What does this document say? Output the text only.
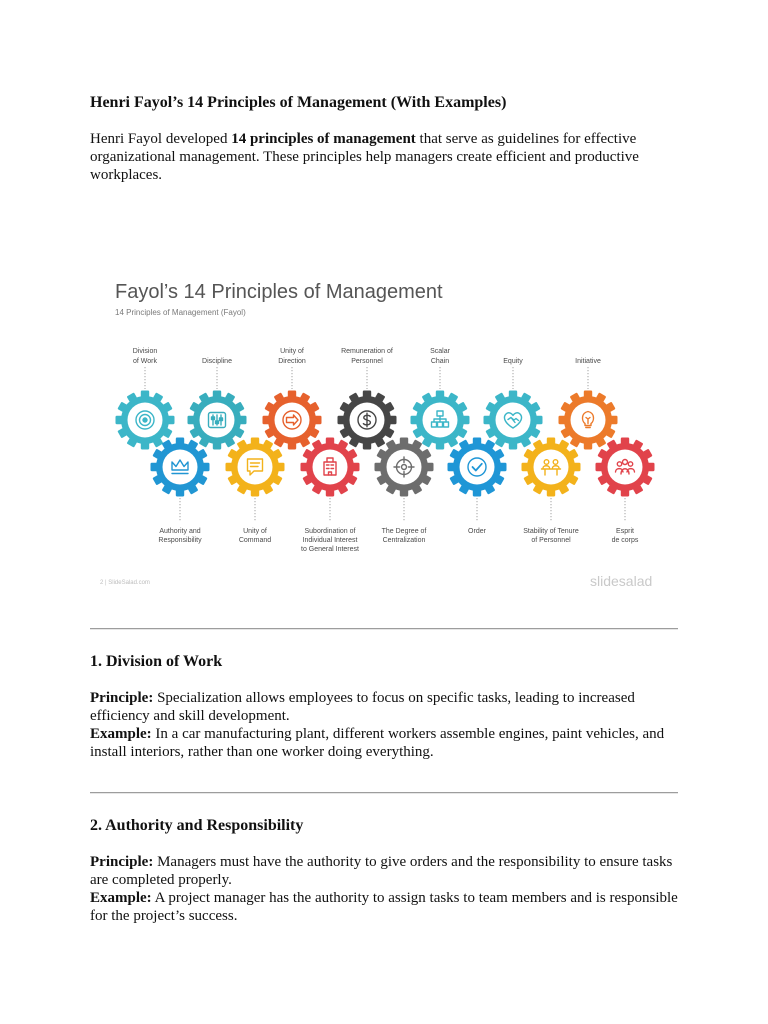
Henri Fayol’s 14 Principles of Management (With Examples)
Henri Fayol developed 14 principles of management that serve as guidelines for effective organizational management. These principles help managers create efficient and productive workplaces.
Fayol’s 14 Principles of Management
14 Principles of Management (Fayol)
Division of Work	Discipline
Unity of Direction
Remuneration of Personnel
Scalar Chain	Equity	Initiative
Authority and Responsibility
Unity of Command
Subordination of Individual Interest to General Interest
The Degree of Centralization
Order	Stability of Tenure of Personnel
Esprit de corps
2 | SlideSalad.com	slidesalad
1. Division of Work
Principle: Specialization allows employees to focus on specific tasks, leading to increased efficiency and skill development.
Example: In a car manufacturing plant, different workers assemble engines, paint vehicles, and install interiors, rather than one worker doing everything.
2. Authority and Responsibility
Principle: Managers must have the authority to give orders and the responsibility to ensure tasks are completed properly.
Example: A project manager has the authority to assign tasks to team members and is responsible for the project’s success.
